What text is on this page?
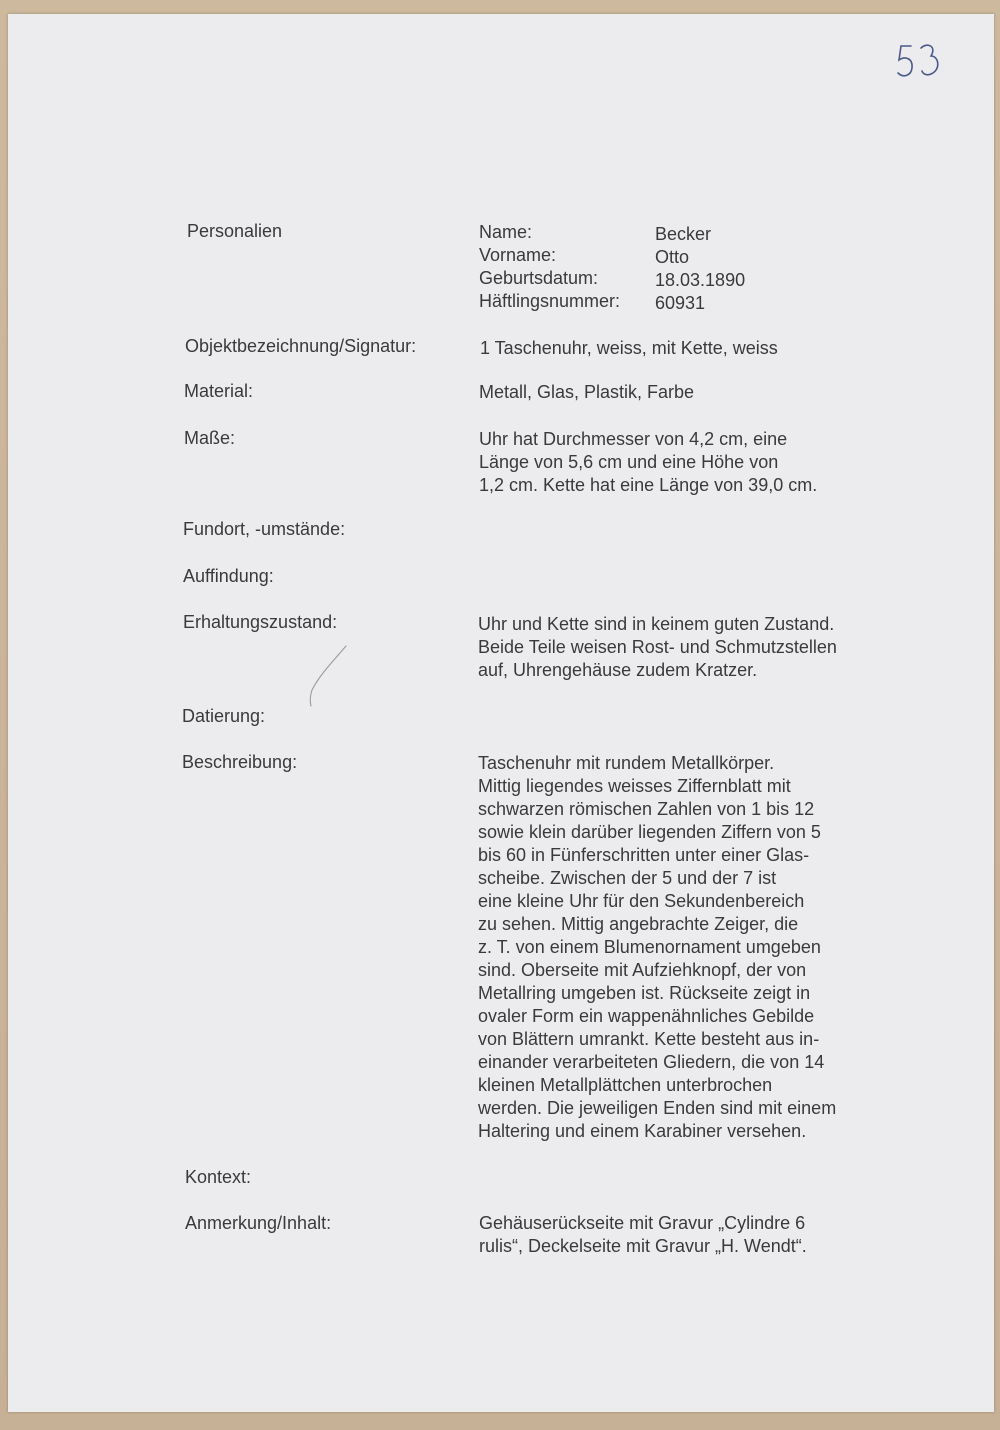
Personalien	Name:	Becker
Vorname:	Otto
Geburtsdatum:	18.03.1890
Häftlingsnummer: 60931
Objektbezeichnung/Signatur:	1 Taschenuhr, weiss, mit Kette, weiss
Material:	Metall, Glas, Plastik, Farbe
Maße:	Uhr hat Durchmesser von 4,2 cm, eine
Länge von 5,6 cm und eine Höhe von
1,2 cm. Kette hat eine Länge von 39,0 cm.
Fundort, -umstände:
Auffindung:
Erhaltungszustand:	Uhr und Kette sind in keinem guten Zustand.
Beide Teile weisen Rost- und Schmutzstellen
auf, Uhrengehäuse zudem Kratzer.
Datierung:
Beschreibung:	Taschenuhr mit rundem Metallkörper.
Mittig liegendes weisses Ziffernblatt mit
schwarzen römischen Zahlen von 1 bis 12
sowie klein darüber liegenden Ziffern von 5
bis 60 in Fünferschritten unter einer Glas-
scheibe. Zwischen der 5 und der 7 ist
eine kleine Uhr für den Sekundenbereich
zu sehen. Mittig angebrachte Zeiger, die
z. T. von einem Blumenornament umgeben
sind. Oberseite mit Aufziehknopf, der von
Metallring umgeben ist. Rückseite zeigt in
ovaler Form ein wappenähnliches Gebilde
von Blättern umrankt. Kette besteht aus in-
einander verarbeiteten Gliedern, die von 14
kleinen Metallplättchen unterbrochen
werden. Die jeweiligen Enden sind mit einem
Haltering und einem Karabiner versehen.
Kontext:
Anmerkung/Inhalt:	Gehäuserückseite mit Gravur „Cylindre 6
rulis“, Deckelseite mit Gravur „H. Wendt“.
